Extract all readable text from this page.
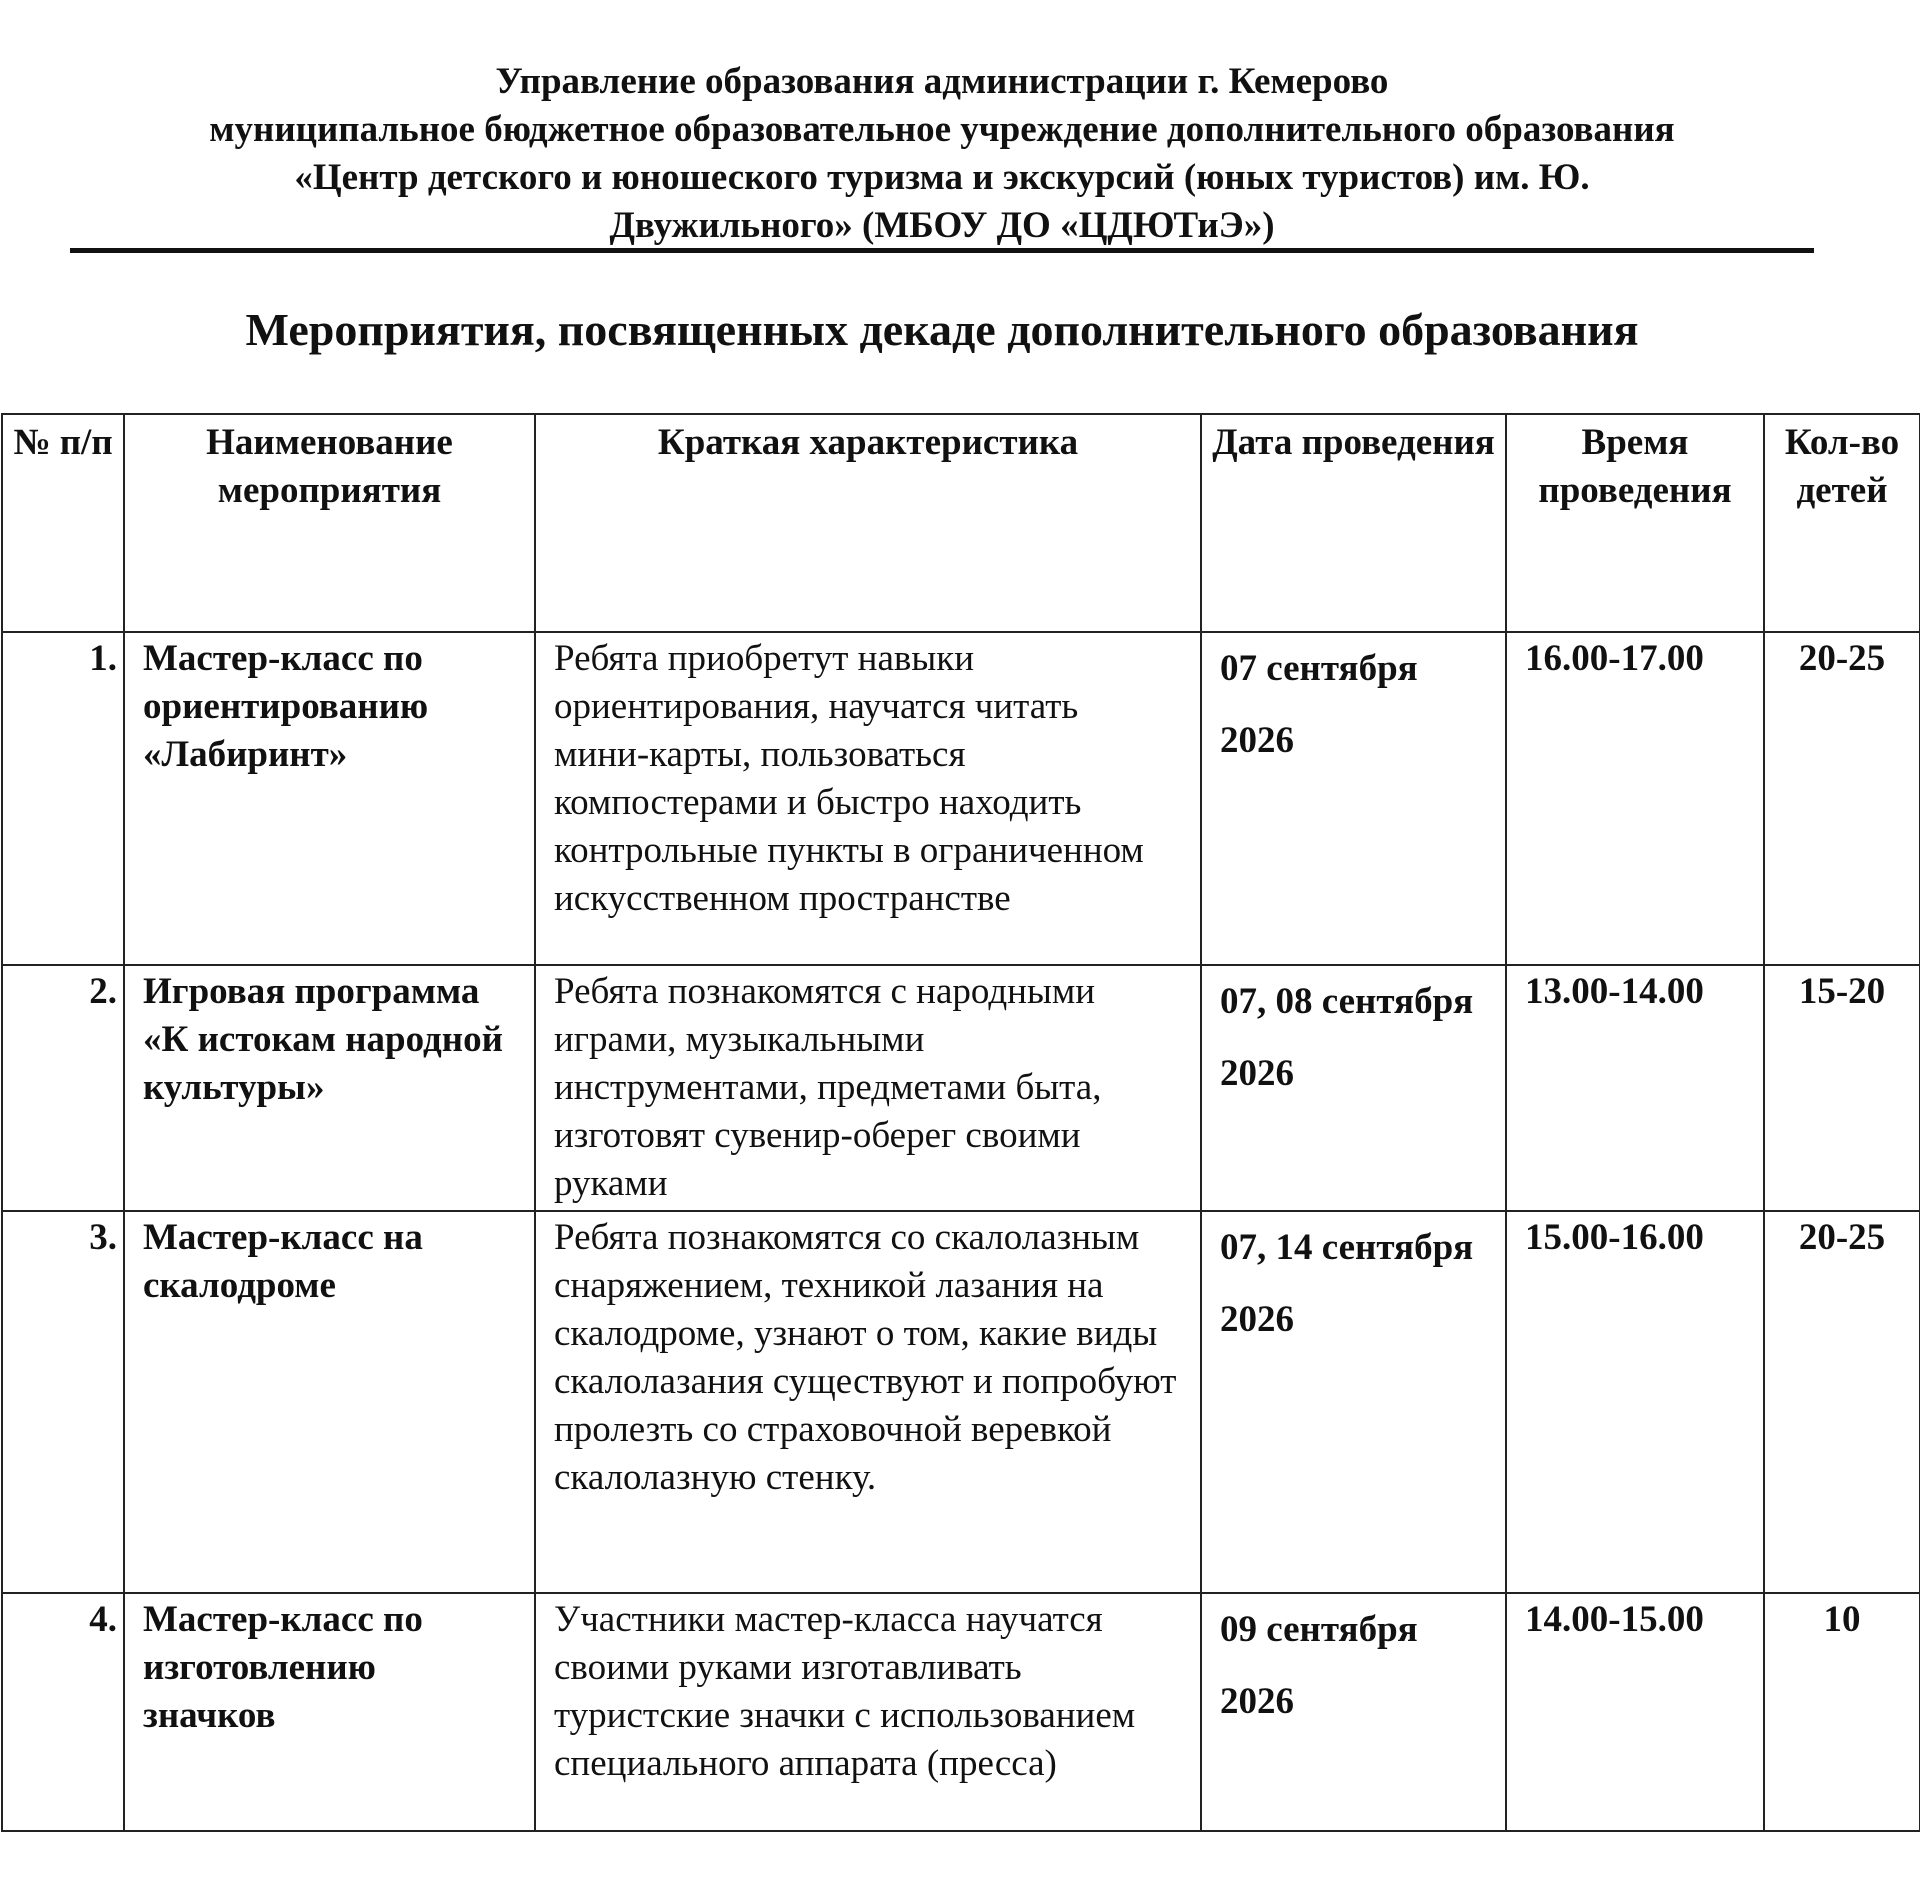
Управление образования администрации г. Кемерово
муниципальное бюджетное образовательное учреждение дополнительного образования
«Центр детского и юношеского туризма и экскурсий (юных туристов) им. Ю.
Двужильного» (МБОУ ДО «ЦДЮТиЭ»)
Мероприятия, посвященных декаде дополнительного образования
№ п/п	Наименование мероприятия	Краткая характеристика	Дата проведения	Время проведения	Кол-во детей
1.	Мастер-класс по ориентированию «Лабиринт»	Ребята приобретут навыки ориентирования, научатся читать мини-карты, пользоваться компостерами и быстро находить контрольные пункты в ограниченном искусственном пространстве	07 сентября 2026	16.00-17.00	20-25
2.	Игровая программа «К истокам народной культуры»	Ребята познакомятся с народными играми, музыкальными инструментами, предметами быта, изготовят сувенир-оберег своими руками	07, 08 сентября 2026	13.00-14.00	15-20
3.	Мастер-класс на скалодроме	Ребята познакомятся со скалолазным снаряжением, техникой лазания на скалодроме, узнают о том, какие виды скалолазания существуют и попробуют пролезть со страховочной веревкой скалолазную стенку.	07, 14 сентября 2026	15.00-16.00	20-25
4.	Мастер-класс по изготовлению значков	Участники мастер-класса научатся своими руками изготавливать туристские значки с использованием специального аппарата (пресса)	09 сентября 2026	14.00-15.00	10
